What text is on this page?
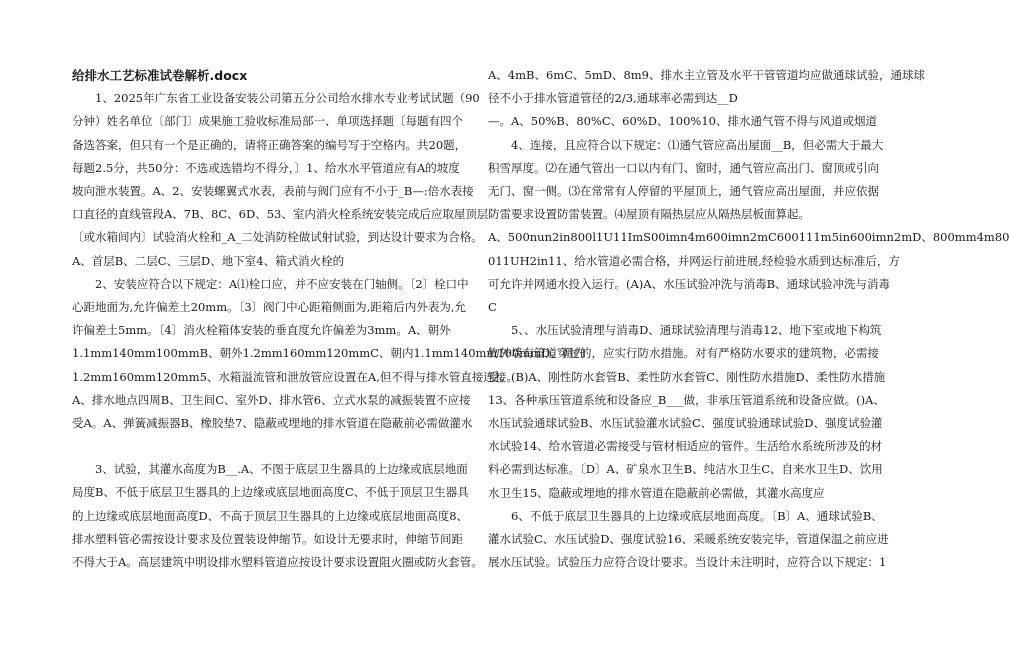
给排水工艺标准试卷解析.docx
1、2025年广东省工业设备安装公司第五分公司给水排水专业考试试题（90
分钟）姓名单位〔部门〕成果施工验收标准局部一、单项选择题〔每题有四个
备选答案，但只有一个是正确的，请将正确答案的编号写于空格内。共20题，
每题2.5分，共50分：不选或选错均不得分，〕1、给水水平管道应有A的坡度
坡向泄水装置。A、2、安装螺翼式水表，表前与阀门应有不小于_B—:倍水表接
口直径的直线管段A、7B、8C、6D、53、室内消火栓系统安装完成后应取屋顶层
〔或水箱间内〕试验消火栓和_A_二处消防栓做试射试验，到达设计要求为合格。
A、首层B、二层C、三层D、地下室4、箱式消火栓的
2、安装应符合以下规定：A⑴栓口应，并不应安装在门轴侧。〔2〕栓口中
心距地面为,允许偏差土20mm。〔3〕阀门中心距箱侧面为,距箱后内外表为,允
许偏差土5mm。〔4〕消火栓箱体安装的垂直度允许偏差为3mm。A、朝外
1.1mm140mm100mmB、朝外1.2mm160mm120mmC、朝内1.1mm140mm100mmD、朝内
1.2mm160mm120mm5、水箱溢流管和泄放管应设置在A,但不得与排水管直接连接。
A、排水地点四周B、卫生间C、室外D、排水管6、立式水泵的减振装置不应接
受A。A、弹簧减振器B、橡胶垫7、隐蔽或埋地的排水管道在隐蔽前必需做灌水
3、试验，其灌水高度为B__.A、不图于底层卫生器具的上边缘或底层地面
局度B、不低于底层卫生器具的上边缘或底层地面高度C、不低于顶层卫生器具
的上边缘或底层地面高度D、不高于顶层卫生器具的上边缘或底层地面高度8、
排水塑料管必需按设计要求及位置装设伸缩节。如设计无要求时，伸缩节间距
不得大于A。高层建筑中明设排水塑料管道应按设计要求设置阻火圈或防火套管。
A、4mB、6mC、5mD、8m9、排水主立管及水平干管管道均应做通球试验，通球球
径不小于排水管道管径的2/3,通球率必需到达__D
—。A、50%B、80%C、60%D、100%10、排水通气管不得与风道或烟道
4、连接，且应符合以下规定：⑴通气管应高出屋面__B，但必需大于最大
积雪厚度。⑵在通气管出一口以内有门、窗时，通气管应高出门、窗顶或引向
无门、窗一侧。⑶在常常有人停留的平屋顶上，通气管应高出屋面，并应依据
防雷要求设置防雷装置。⑷屋顶有隔热层应从隔热层板面算起。
A、500nun2in800l1U11ImS00imn4m600imn2mC600111m5in600imn2mD、800mm4m80
011UH2in11、给水管道必需合格，并网运行前进展,经检验水质到达标准后，方
可允许并网通水投入运行。(A)A、水压试验冲洗与消毒B、通球试验冲洗与消毒
C
5、、水压试验清理与消毒D、通球试验清理与消毒12、地下室或地下构筑
物外墙有管道穿过的，应实行防水措施。对有严格防水要求的建筑物，必需接
受。(B)A、刚性防水套管B、柔性防水套管C、刚性防水措施D、柔性防水措施
13、各种承压管道系统和设备应_B___做，非承压管道系统和设备应做。()A、
水压试验通球试验B、水压试验灌水试验C、强度试验通球试验D、强度试验灌
水试验14、给水管道必需接受与管材相适应的管件。生活给水系统所涉及的材
料必需到达标准。〔D〕A、矿泉水卫生B、纯洁水卫生C、自来水卫生D、饮用
水卫生15、隐蔽或埋地的排水管道在隐蔽前必需做，其灌水高度应
6、不低于底层卫生器具的上边缘或底层地面高度。〔B〕A、通球试验B、
灌水试验C、水压试验D、强度试验16、采暖系统安装完毕，管道保温之前应进
展水压试验。试验压力应符合设计要求。当设计未注明时，应符合以下规定：1
